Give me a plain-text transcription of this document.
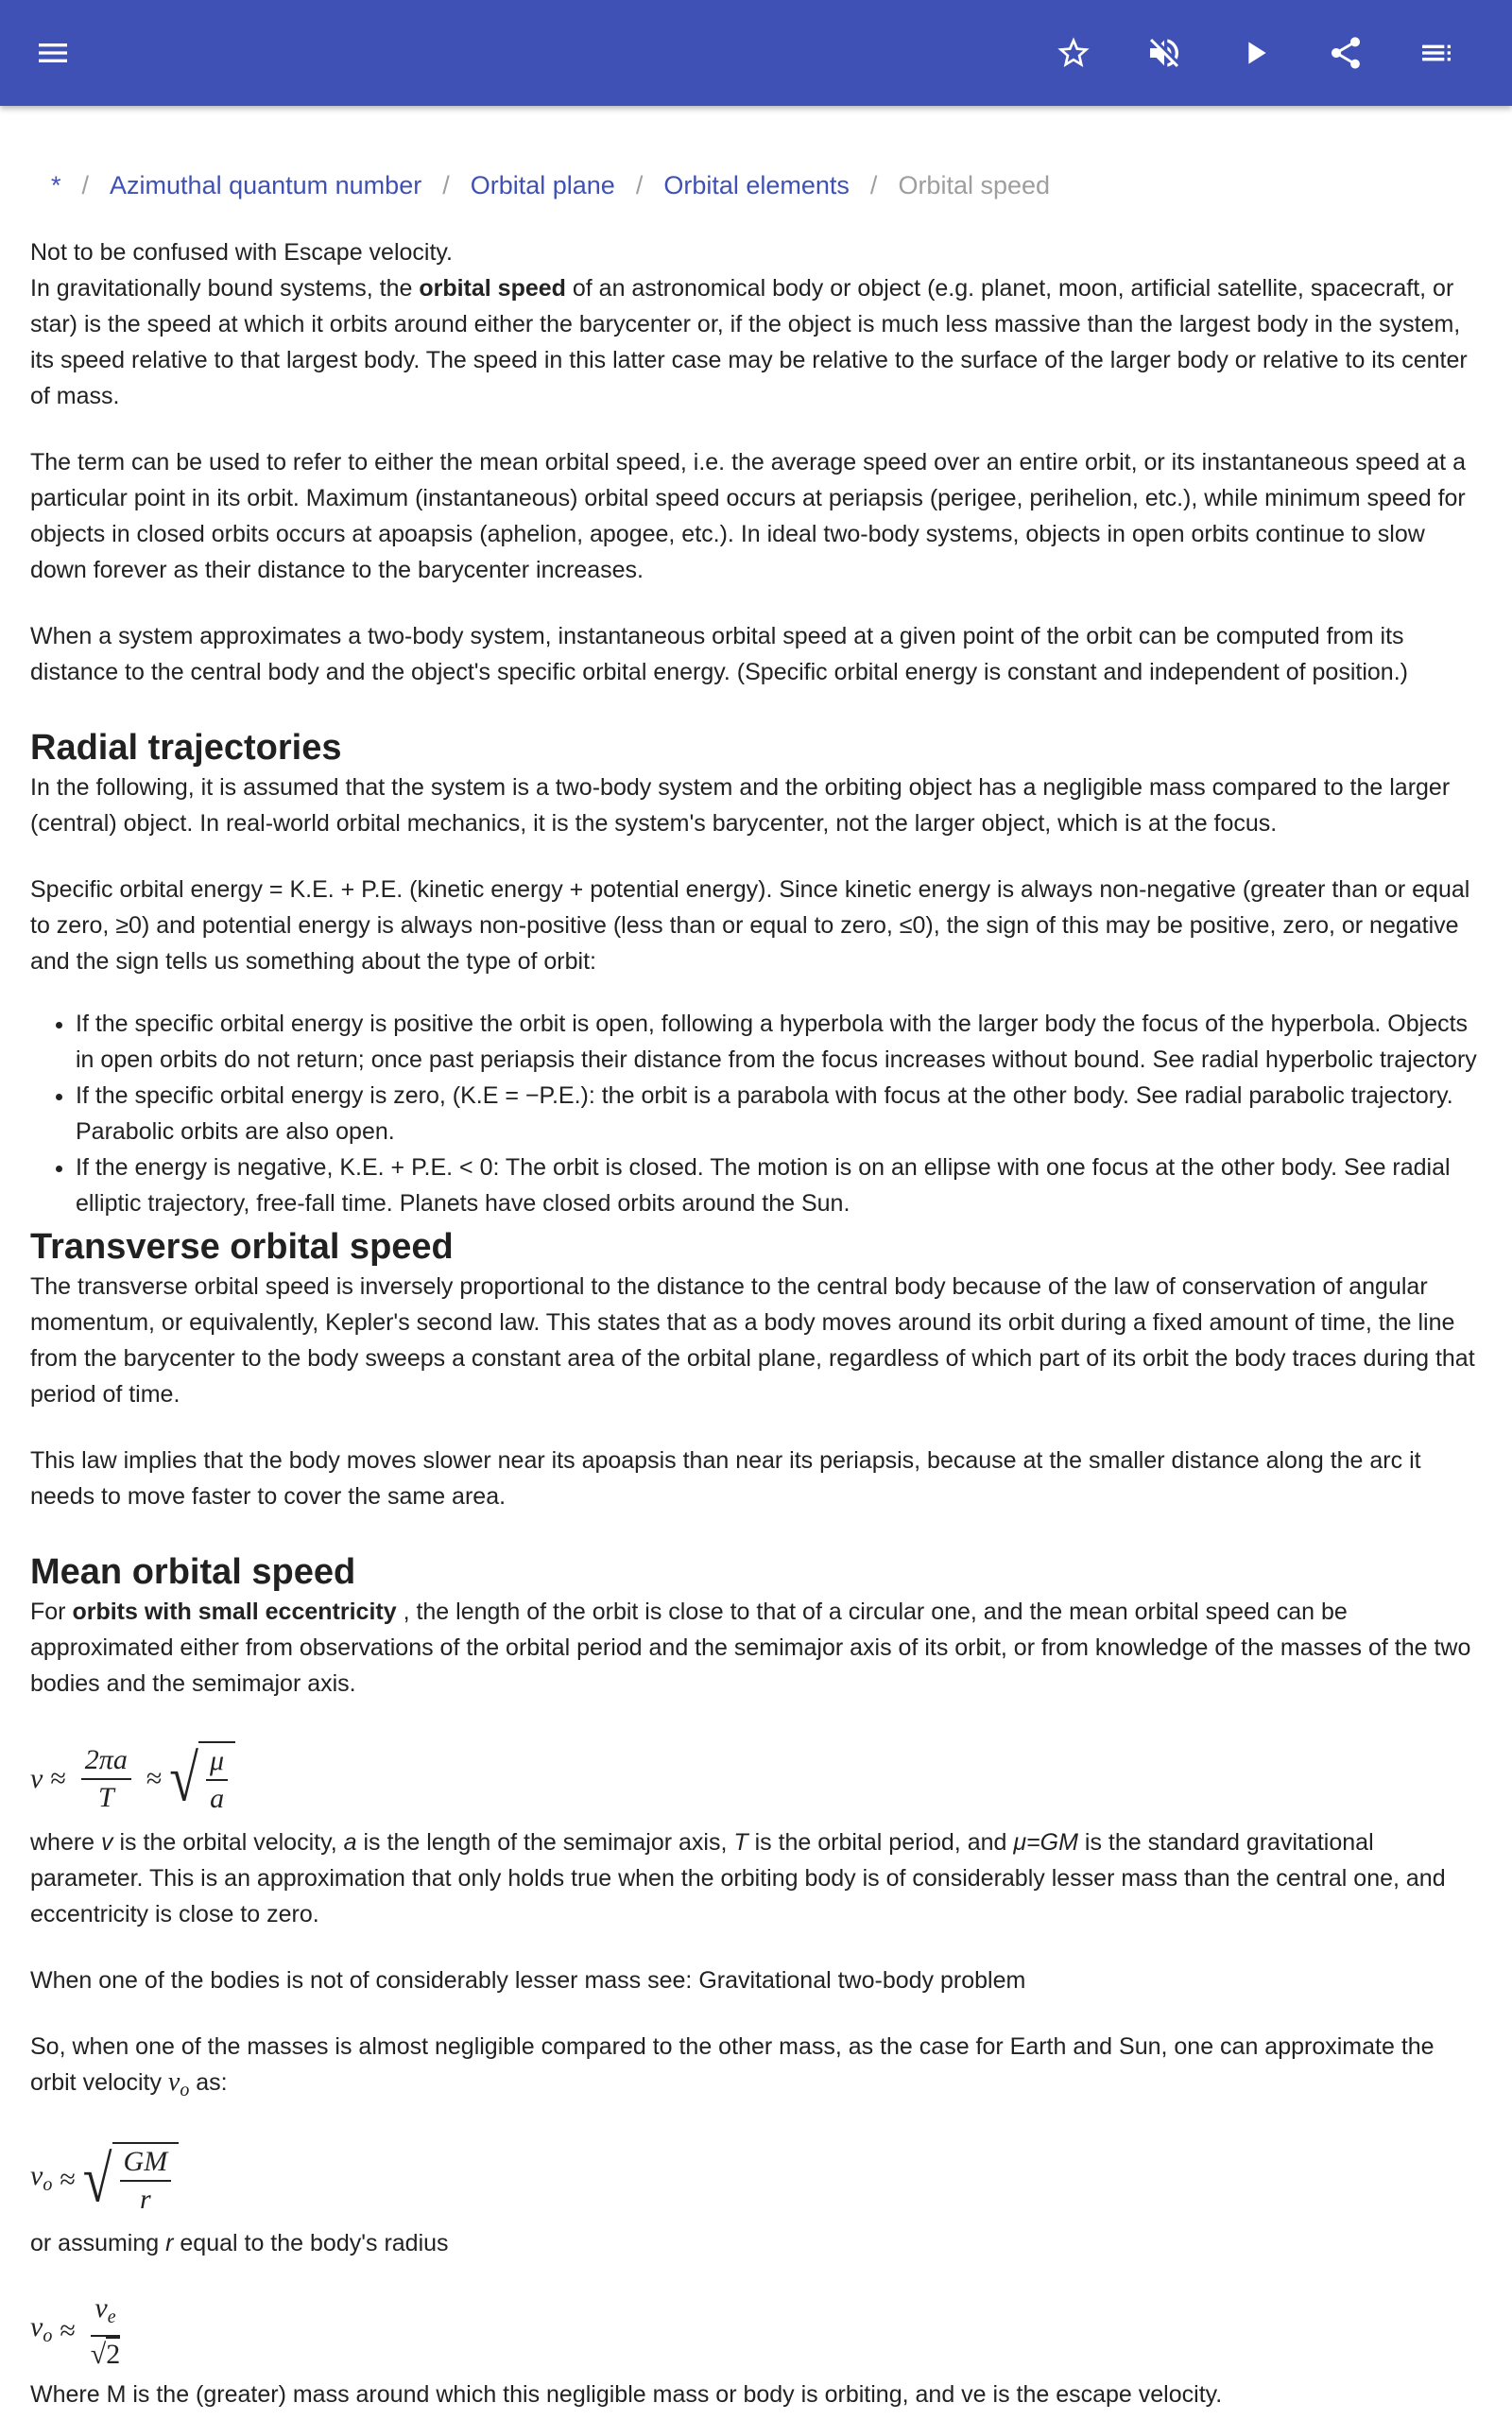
* / Azimuthal quantum number / Orbital plane / Orbital elements / Orbital speed

Not to be confused with Escape velocity.

In gravitationally bound systems, the orbital speed of an astronomical body or object (e.g. planet, moon, artificial satellite, spacecraft, or star) is the speed at which it orbits around either the barycenter or, if the object is much less massive than the largest body in the system, its speed relative to that largest body. The speed in this latter case may be relative to the surface of the larger body or relative to its center of mass.

The term can be used to refer to either the mean orbital speed, i.e. the average speed over an entire orbit, or its instantaneous speed at a particular point in its orbit. Maximum (instantaneous) orbital speed occurs at periapsis (perigee, perihelion, etc.), while minimum speed for objects in closed orbits occurs at apoapsis (aphelion, apogee, etc.). In ideal two-body systems, objects in open orbits continue to slow down forever as their distance to the barycenter increases.

When a system approximates a two-body system, instantaneous orbital speed at a given point of the orbit can be computed from its distance to the central body and the object's specific orbital energy. (Specific orbital energy is constant and independent of position.)

Radial trajectories

In the following, it is assumed that the system is a two-body system and the orbiting object has a negligible mass compared to the larger (central) object. In real-world orbital mechanics, it is the system's barycenter, not the larger object, which is at the focus.

Specific orbital energy = K.E. + P.E. (kinetic energy + potential energy). Since kinetic energy is always non-negative (greater than or equal to zero, ≥0) and potential energy is always non-positive (less than or equal to zero, ≤0), the sign of this may be positive, zero, or negative and the sign tells us something about the type of orbit:

• If the specific orbital energy is positive the orbit is open, following a hyperbola with the larger body the focus of the hyperbola. Objects in open orbits do not return; once past periapsis their distance from the focus increases without bound. See radial hyperbolic trajectory
• If the specific orbital energy is zero, (K.E = −P.E.): the orbit is a parabola with focus at the other body. See radial parabolic trajectory. Parabolic orbits are also open.
• If the energy is negative, K.E. + P.E. < 0: The orbit is closed. The motion is on an ellipse with one focus at the other body. See radial elliptic trajectory, free-fall time. Planets have closed orbits around the Sun.
Transverse orbital speed

The transverse orbital speed is inversely proportional to the distance to the central body because of the law of conservation of angular momentum, or equivalently, Kepler's second law. This states that as a body moves around its orbit during a fixed amount of time, the line from the barycenter to the body sweeps a constant area of the orbital plane, regardless of which part of its orbit the body traces during that period of time.

This law implies that the body moves slower near its apoapsis than near its periapsis, because at the smaller distance along the arc it needs to move faster to cover the same area.

Mean orbital speed

For orbits with small eccentricity , the length of the orbit is close to that of a circular one, and the mean orbital speed can be approximated either from observations of the orbital period and the semimajor axis of its orbit, or from knowledge of the masses of the two bodies and the semimajor axis.

$v \approx \frac{2\pi a}{T}$ ≈ √ $\frac{\mu}{a}$

where v is the orbital velocity, a is the length of the semimajor axis, T is the orbital period, and μ=GM is the standard gravitational parameter. This is an approximation that only holds true when the orbiting body is of considerably lesser mass than the central one, and eccentricity is close to zero.

When one of the bodies is not of considerably lesser mass see: Gravitational two-body problem

So, when one of the masses is almost negligible compared to the other mass, as the case for Earth and Sun, one can approximate the orbit velocity $v_o$ as:

$v_o$ ≈ √ $\frac{GM}{r}$

or assuming r equal to the body's radius

$v_o \approx \frac{v_e}{√2}$

Where M is the (greater) mass around which this negligible mass or body is orbiting, and ve is the escape velocity.
